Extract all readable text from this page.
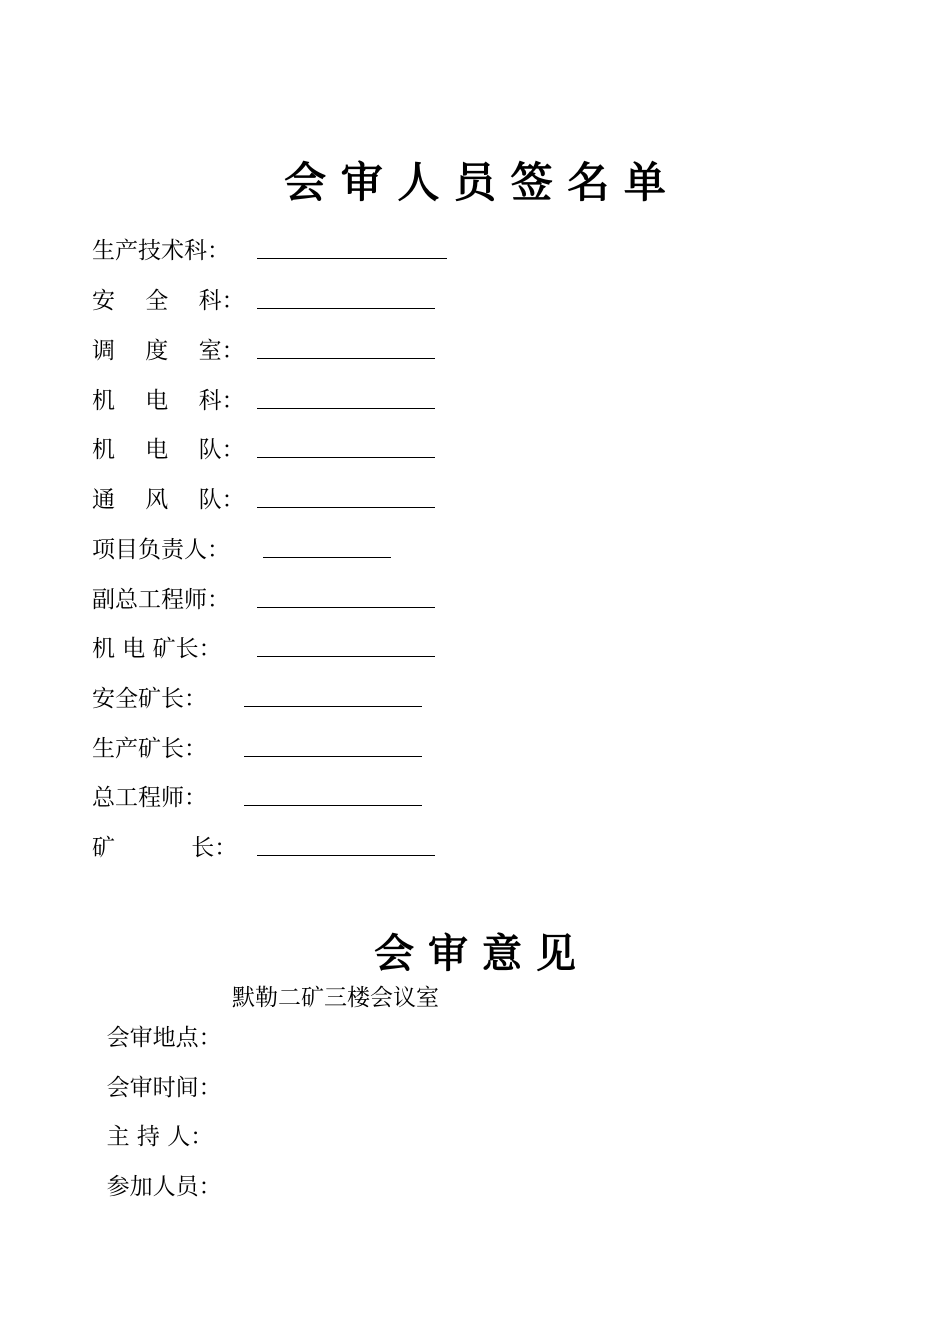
会 审 人 员 签 名 单
生产技术科：
安　 全　 科：
调　 度　 室：
机　 电　 科：
机　 电　 队：
通　 风　 队：
项目负责人：
副总工程师：
机 电 矿长：
安全矿长：
生产矿长：
总工程师：
矿　　　 长：
会 审 意 见

会审地点：

默勒二矿三楼会议室

会审时间：

主 持 人：

参加人员：
